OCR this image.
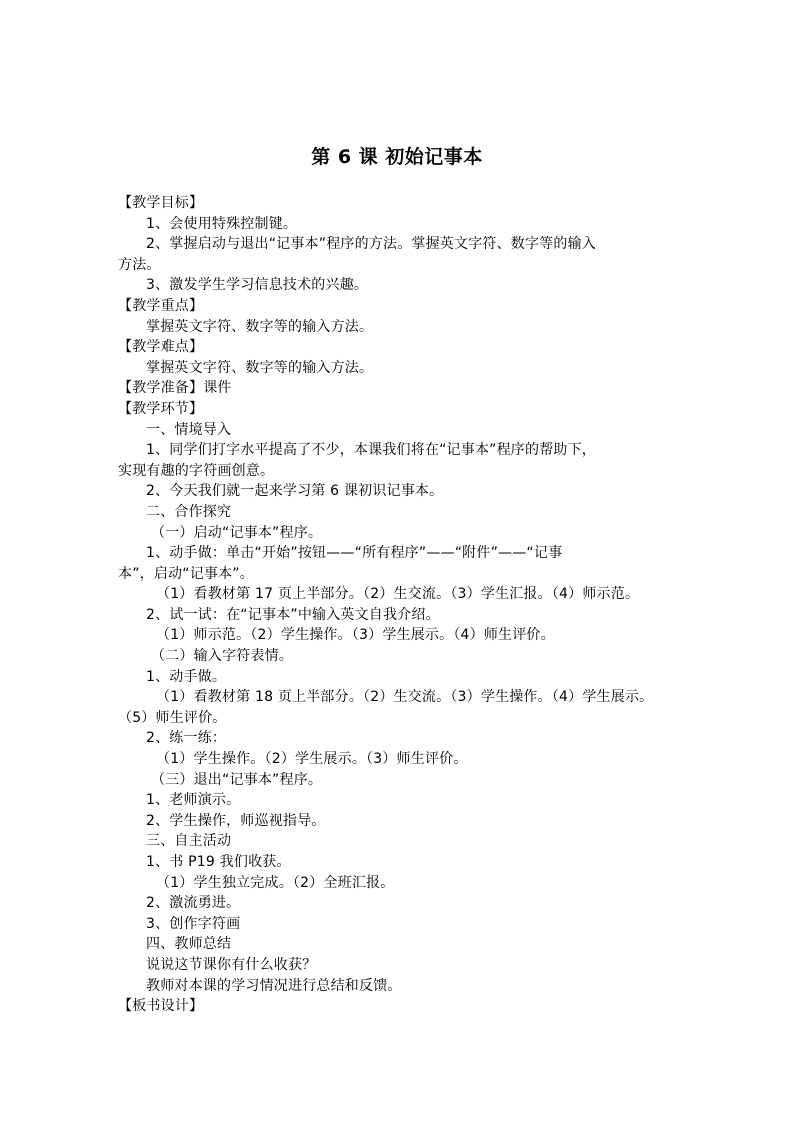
第 6 课 初始记事本
【教学目标】
1、会使用特殊控制键。
2、掌握启动与退出“记事本”程序的方法。掌握英文字符、数字等的输入
方法。
3、激发学生学习信息技术的兴趣。
【教学重点】
掌握英文字符、数字等的输入方法。
【教学难点】
掌握英文字符、数字等的输入方法。
【教学准备】课件
【教学环节】
一、情境导入
1、同学们打字水平提高了不少，本课我们将在“记事本”程序的帮助下，
实现有趣的字符画创意。
2、今天我们就一起来学习第 6 课初识记事本。
二、合作探究
（一）启动“记事本”程序。
1、动手做：单击“开始”按钮——“所有程序”——“附件”——“记事
本”，启动“记事本”。
（1）看教材第 17 页上半部分。（2）生交流。（3）学生汇报。（4）师示范。
2、试一试：在“记事本”中输入英文自我介绍。
（1）师示范。（2）学生操作。（3）学生展示。（4）师生评价。
（二）输入字符表情。
1、动手做。
（1）看教材第 18 页上半部分。（2）生交流。（3）学生操作。（4）学生展示。
（5）师生评价。
2、练一练：
（1）学生操作。（2）学生展示。（3）师生评价。
（三）退出“记事本”程序。
1、老师演示。
2、学生操作，师巡视指导。
三、自主活动
1、书 P19 我们收获。
（1）学生独立完成。（2）全班汇报。
2、激流勇进。
3、创作字符画
四、教师总结
说说这节课你有什么收获？
教师对本课的学习情况进行总结和反馈。
【板书设计】
